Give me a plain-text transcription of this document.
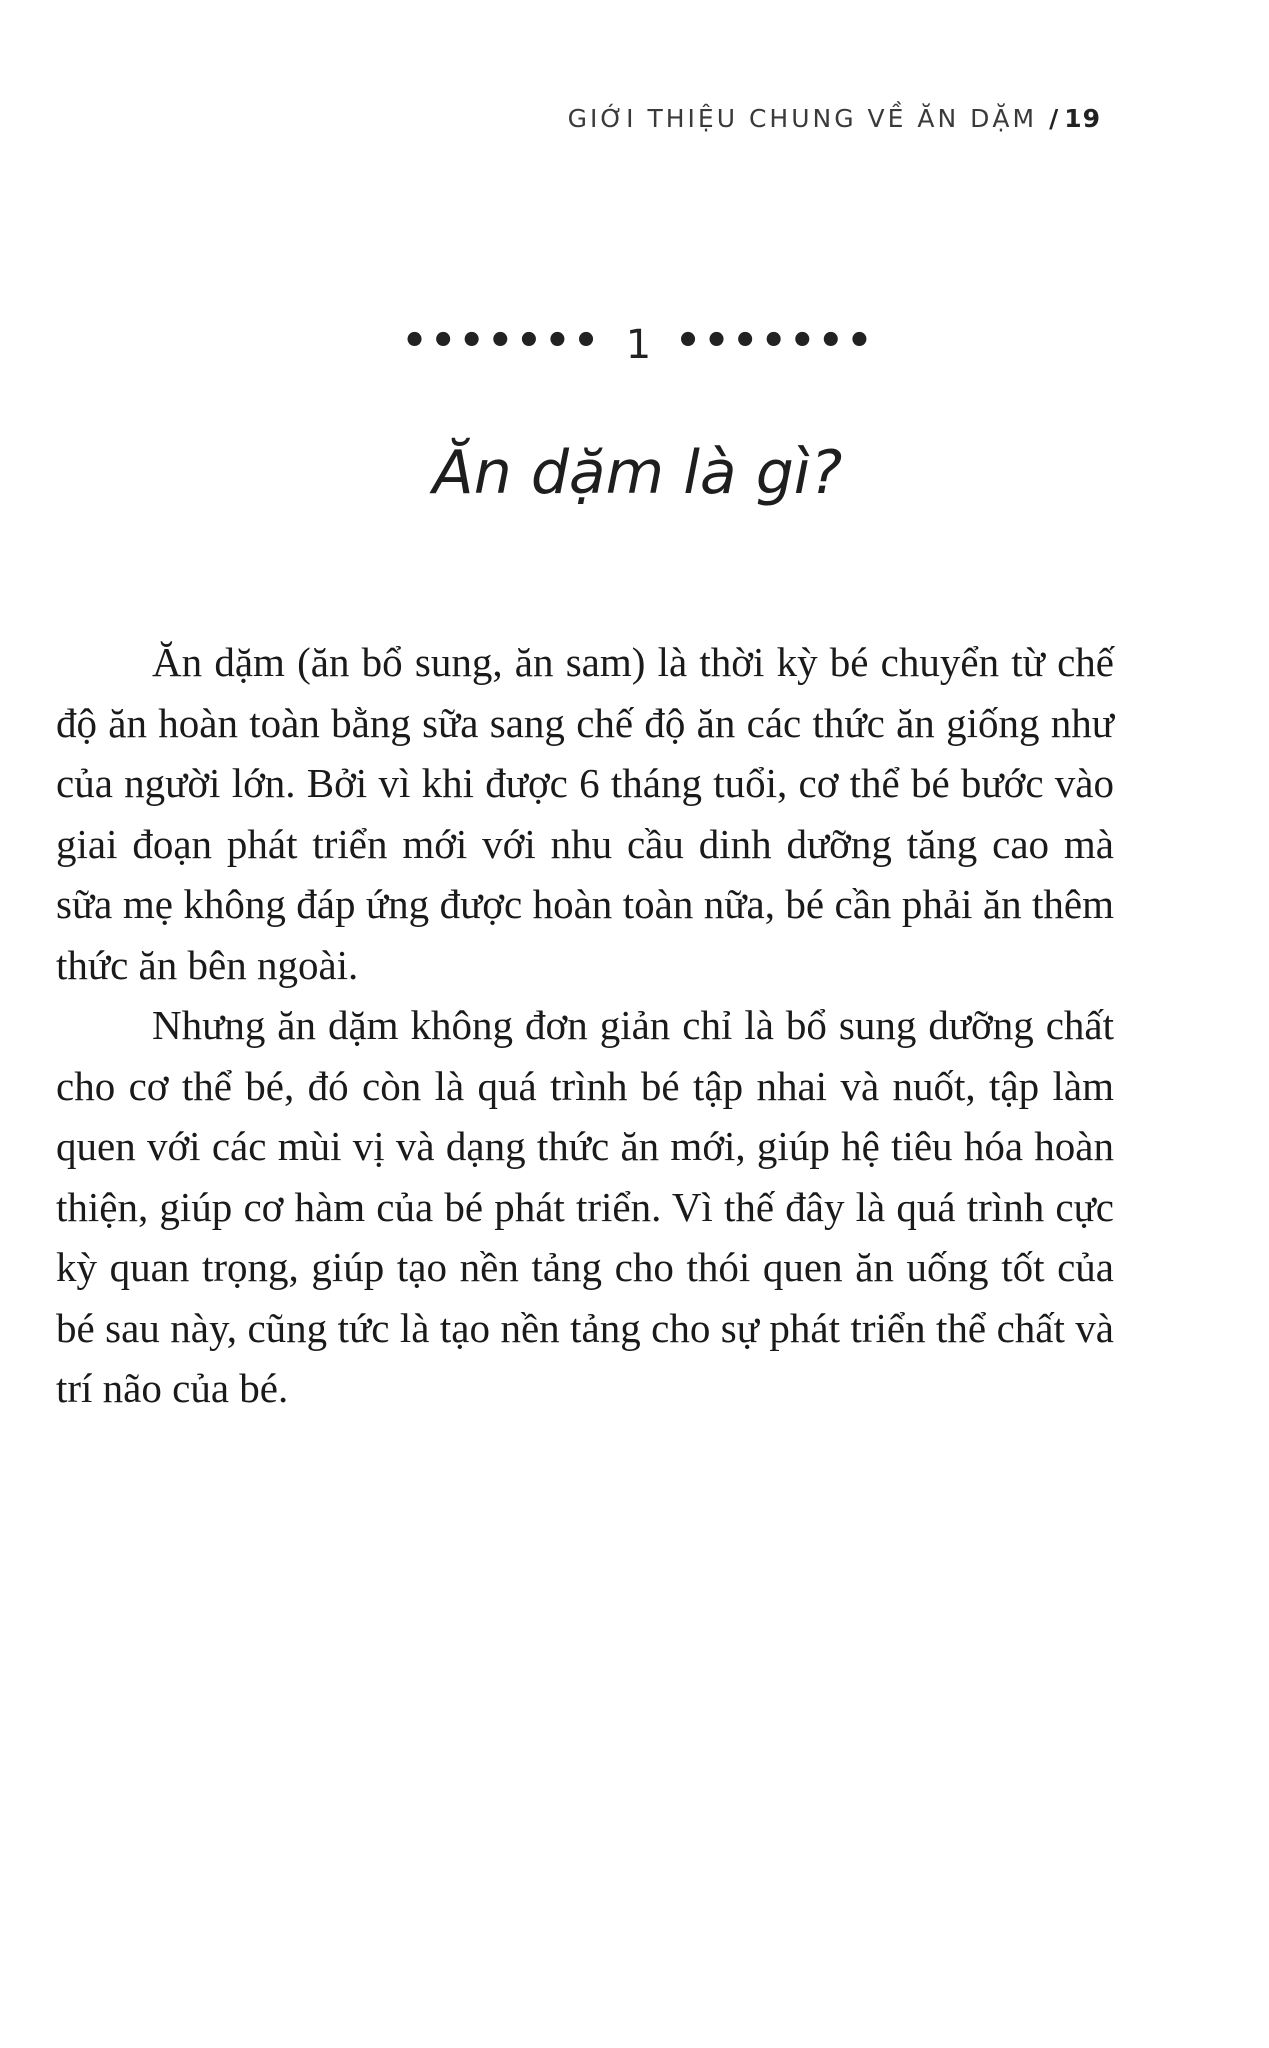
GIỚI THIỆU CHUNG VỀ ĂN DẶM / 19
••••••• 1 •••••••
Ăn dặm là gì?

Ăn dặm (ăn bổ sung, ăn sam) là thời kỳ bé chuyển từ chế độ ăn hoàn toàn bằng sữa sang chế độ ăn các thức ăn giống như của người lớn. Bởi vì khi được 6 tháng tuổi, cơ thể bé bước vào giai đoạn phát triển mới với nhu cầu dinh dưỡng tăng cao mà sữa mẹ không đáp ứng được hoàn toàn nữa, bé cần phải ăn thêm thức ăn bên ngoài.

Nhưng ăn dặm không đơn giản chỉ là bổ sung dưỡng chất cho cơ thể bé, đó còn là quá trình bé tập nhai và nuốt, tập làm quen với các mùi vị và dạng thức ăn mới, giúp hệ tiêu hóa hoàn thiện, giúp cơ hàm của bé phát triển. Vì thế đây là quá trình cực kỳ quan trọng, giúp tạo nền tảng cho thói quen ăn uống tốt của bé sau này, cũng tức là tạo nền tảng cho sự phát triển thể chất và trí não của bé.
